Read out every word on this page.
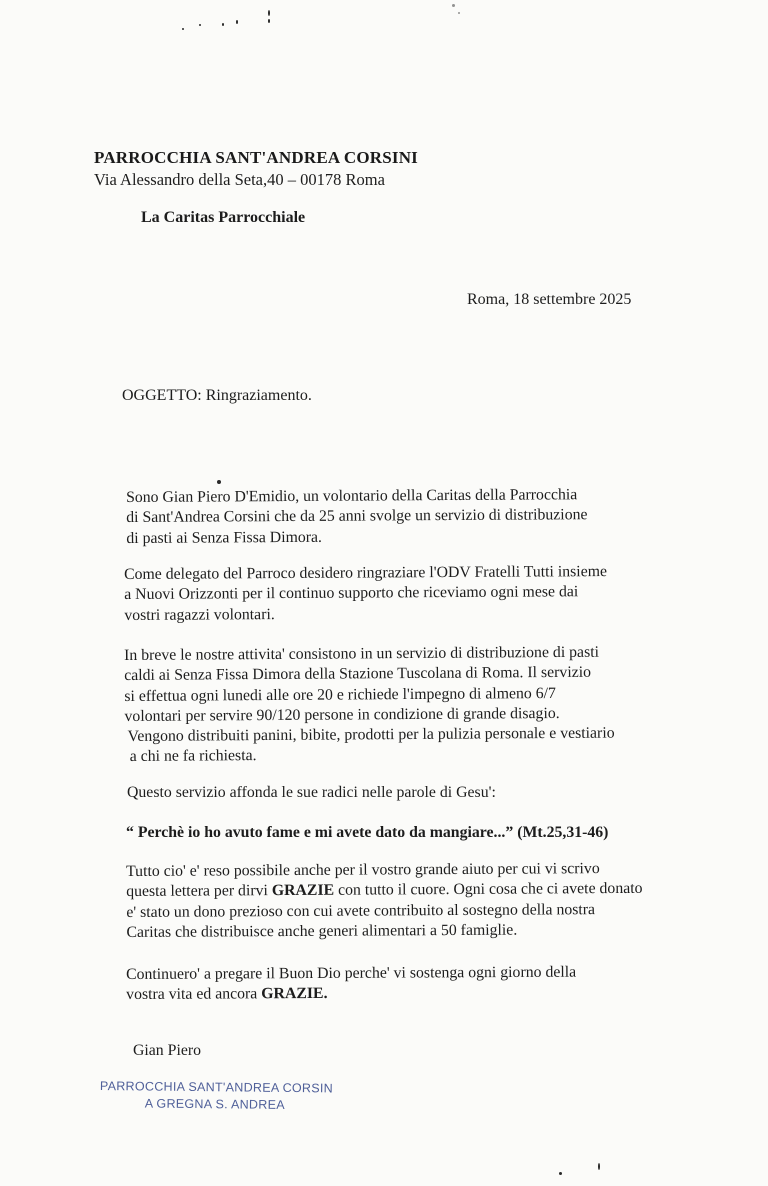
PARROCCHIA SANT'ANDREA CORSINI
Via Alessandro della Seta,40 – 00178 Roma
La Caritas Parrocchiale
Roma, 18 settembre 2025
OGGETTO: Ringraziamento.
Sono Gian Piero D'Emidio, un volontario della Caritas della Parrocchia
di Sant'Andrea Corsini che da 25 anni svolge un servizio di distribuzione
di pasti ai Senza Fissa Dimora.
Come delegato del Parroco desidero ringraziare l'ODV Fratelli Tutti insieme
a Nuovi Orizzonti per il continuo supporto che riceviamo ogni mese dai
vostri ragazzi volontari.
In breve le nostre attivita' consistono in un servizio di distribuzione di pasti
caldi ai Senza Fissa Dimora della Stazione Tuscolana di Roma. Il servizio
si effettua ogni lunedi alle ore 20 e richiede l'impegno di almeno 6/7
volontari per servire 90/120 persone in condizione di grande disagio.
Vengono distribuiti panini, bibite, prodotti per la pulizia personale e vestiario
a chi ne fa richiesta.
Questo servizio affonda le sue radici nelle parole di Gesu':
“ Perchè io ho avuto fame e mi avete dato da mangiare...” (Mt.25,31-46)
Tutto cio' e' reso possibile anche per il vostro grande aiuto per cui vi scrivo
questa lettera per dirvi GRAZIE con tutto il cuore. Ogni cosa che ci avete donato
e' stato un dono prezioso con cui avete contribuito al sostegno della nostra
Caritas che distribuisce anche generi alimentari a 50 famiglie.
Continuero' a pregare il Buon Dio perche' vi sostenga ogni giorno della
vostra vita ed ancora GRAZIE.
Gian Piero
PARROCCHIA SANT'ANDREA CORSIN
A GREGNA S. ANDREA
